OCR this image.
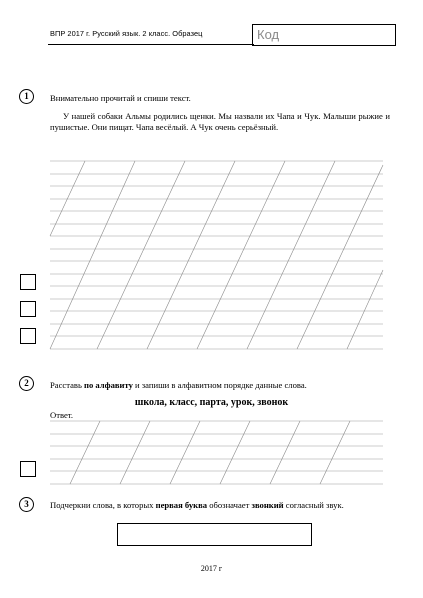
ВПР 2017 г. Русский язык. 2 класс. Образец	Код
1	Внимательно прочитай и спиши текст.
У нашей собаки Альмы родились щенки. Мы назвали их Чапа и Чук. Малыши рыжие и пушистые. Они пищат. Чапа весёлый. А Чук очень серьёзный.
2	Расставь по алфавиту и запиши в алфавитном порядке данные слова.
школа, класс, парта, урок, звонок
Ответ.
3	Подчеркни слова, в которых первая буква обозначает звонкий согласный звук.
2017 г
